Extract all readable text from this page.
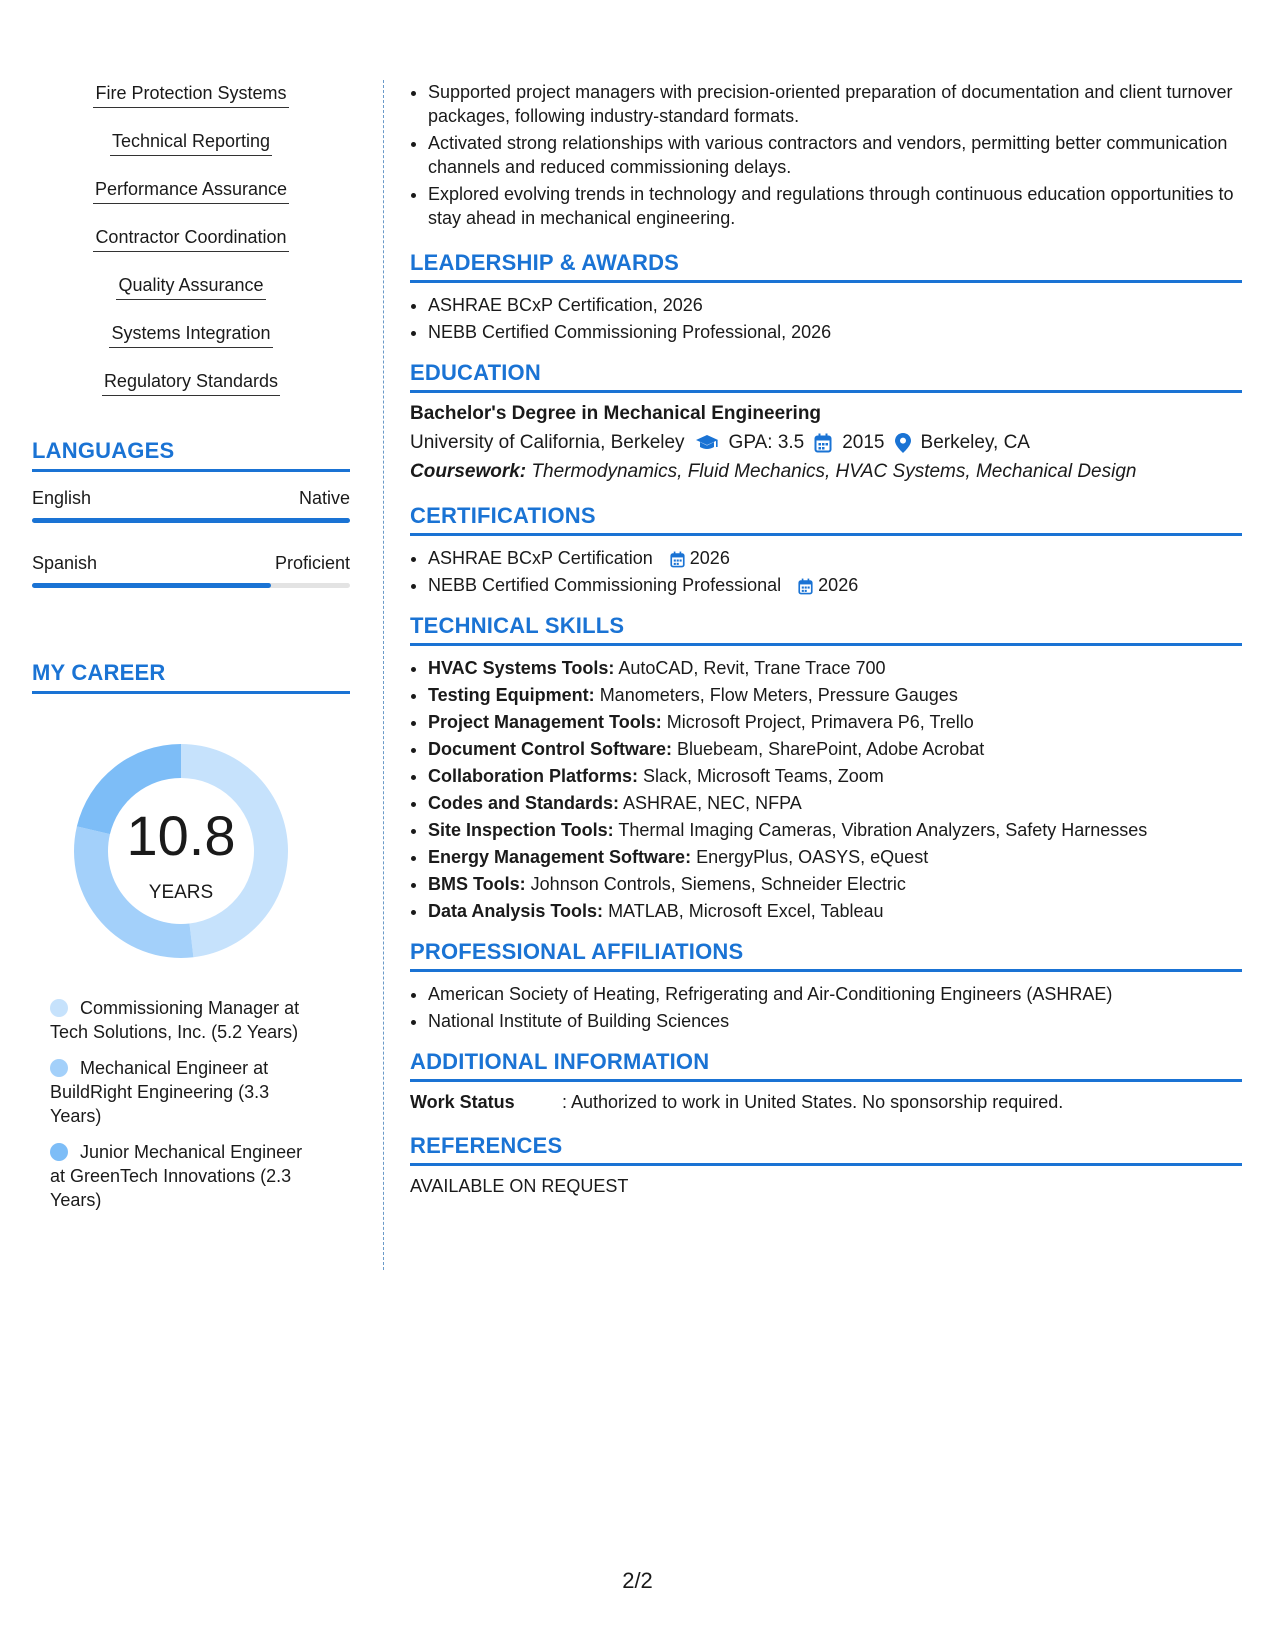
Fire Protection Systems
Technical Reporting
Performance Assurance
Contractor Coordination
Quality Assurance
Systems Integration
Regulatory Standards
LANGUAGES
English	Native
Spanish	Proficient
MY CAREER
10.8
YEARS
Commissioning Manager at Tech Solutions, Inc. (5.2 Years)
Mechanical Engineer at BuildRight Engineering (3.3 Years)
Junior Mechanical Engineer at GreenTech Innovations (2.3 Years)
• Supported project managers with precision-oriented preparation of documentation and client turnover packages, following industry-standard formats.
• Activated strong relationships with various contractors and vendors, permitting better communication channels and reduced commissioning delays.
• Explored evolving trends in technology and regulations through continuous education opportunities to stay ahead in mechanical engineering.
LEADERSHIP & AWARDS
• ASHRAE BCxP Certification, 2026
• NEBB Certified Commissioning Professional, 2026
EDUCATION
Bachelor's Degree in Mechanical Engineering
University of California, Berkeley GPA: 3.5 2015 Berkeley, CA
Coursework: Thermodynamics, Fluid Mechanics, HVAC Systems, Mechanical Design
CERTIFICATIONS
• ASHRAE BCxP Certification 2026
• NEBB Certified Commissioning Professional 2026
TECHNICAL SKILLS
• HVAC Systems Tools: AutoCAD, Revit, Trane Trace 700
• Testing Equipment: Manometers, Flow Meters, Pressure Gauges
• Project Management Tools: Microsoft Project, Primavera P6, Trello
• Document Control Software: Bluebeam, SharePoint, Adobe Acrobat
• Collaboration Platforms: Slack, Microsoft Teams, Zoom
• Codes and Standards: ASHRAE, NEC, NFPA
• Site Inspection Tools: Thermal Imaging Cameras, Vibration Analyzers, Safety Harnesses
• Energy Management Software: EnergyPlus, OASYS, eQuest
• BMS Tools: Johnson Controls, Siemens, Schneider Electric
• Data Analysis Tools: MATLAB, Microsoft Excel, Tableau
PROFESSIONAL AFFILIATIONS
• American Society of Heating, Refrigerating and Air-Conditioning Engineers (ASHRAE)
• National Institute of Building Sciences
ADDITIONAL INFORMATION
Work Status	: Authorized to work in United States. No sponsorship required.
REFERENCES

AVAILABLE ON REQUEST

2/2
